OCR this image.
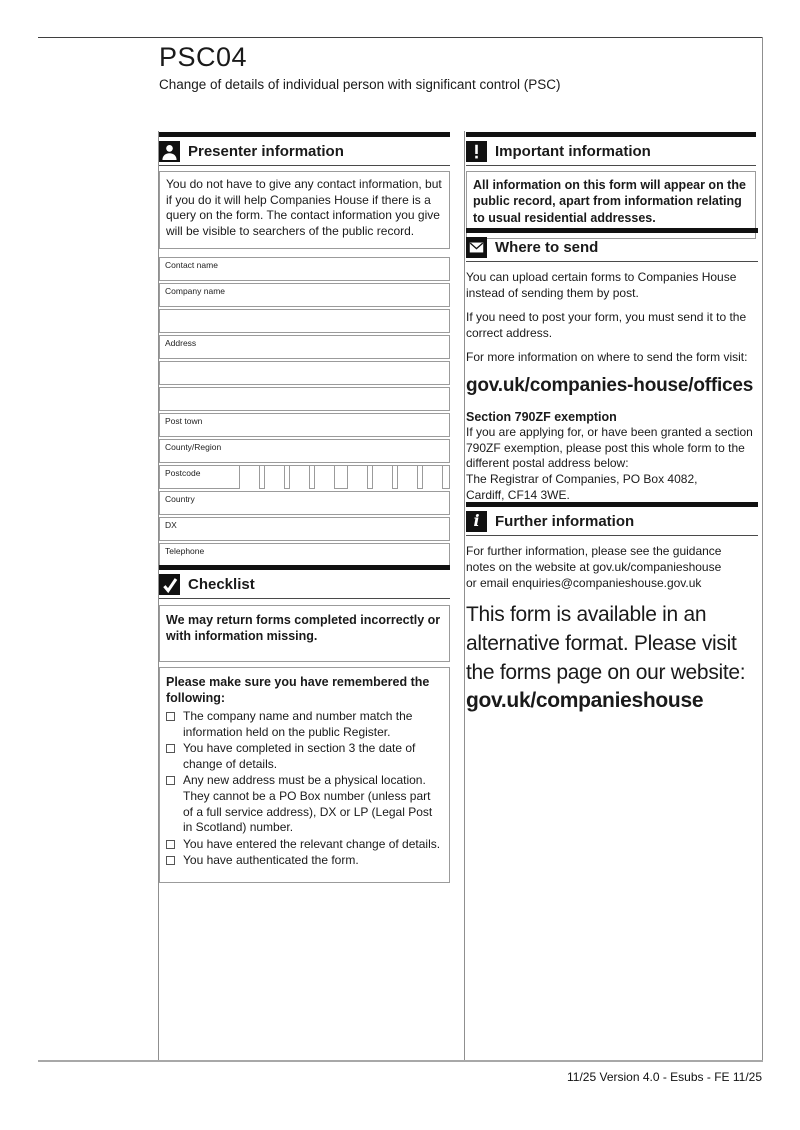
PSC04
Change of details of individual person with significant control (PSC)
Presenter information
You do not have to give any contact information, but if you do it will help Companies House if there is a query on the form. The contact information you give will be visible to searchers of the public record.
Contact name
Company name
Address
Post town
County/Region
Postcode
Country
DX
Telephone
Checklist
We may return forms completed incorrectly or with information missing.
Please make sure you have remembered the following:
The company name and number match the information held on the public Register.
You have completed in section 3 the date of change of details.
Any new address must be a physical location. They cannot be a PO Box number (unless part of a full service address), DX or LP (Legal Post in Scotland) number.
You have entered the relevant change of details.
You have authenticated the form.
Important information
All information on this form will appear on the public record, apart from information relating to usual residential addresses.
Where to send
You can upload certain forms to Companies House instead of sending them by post.
If you need to post your form, you must send it to the correct address.
For more information on where to send the form visit:
gov.uk/companies-house/offices
Section 790ZF exemption
If you are applying for, or have been granted a section 790ZF exemption, please post this whole form to the different postal address below:
The Registrar of Companies, PO Box 4082,
Cardiff, CF14 3WE.
i Further information
For further information, please see the guidance
notes on the website at gov.uk/companieshouse
or email enquiries@companieshouse.gov.uk
This form is available in an
alternative format. Please visit
the forms page on our website:
gov.uk/companieshouse
11/25 Version 4.0 - Esubs - FE 11/25
